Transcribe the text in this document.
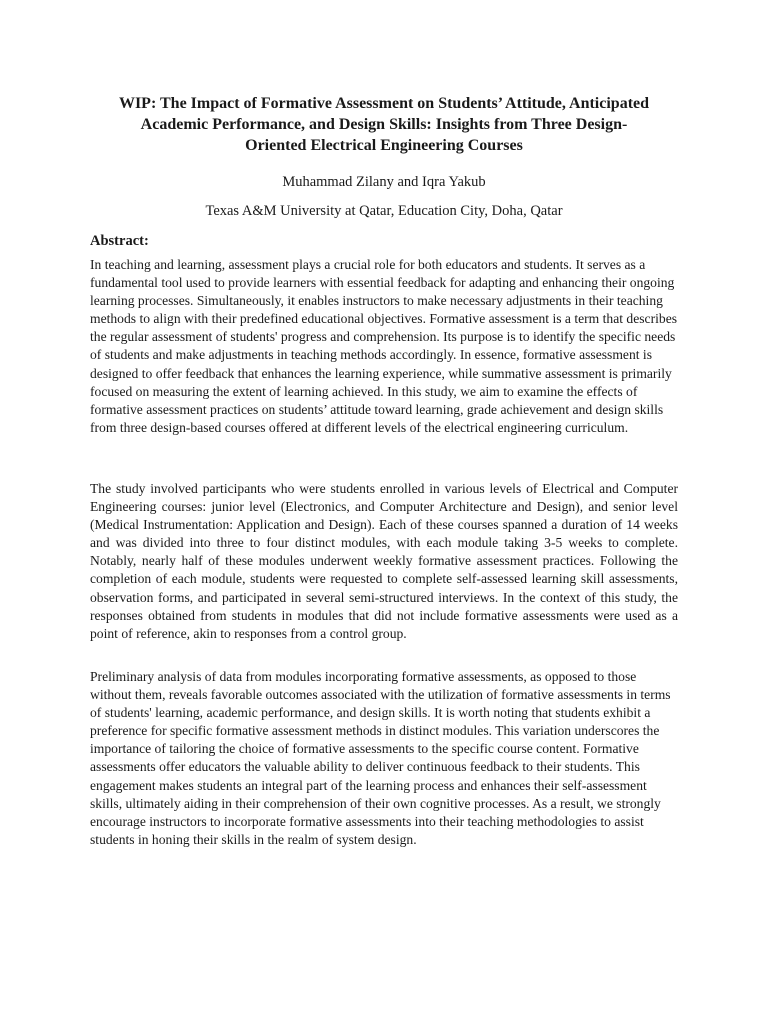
WIP: The Impact of Formative Assessment on Students’ Attitude, Anticipated
Academic Performance, and Design Skills: Insights from Three Design-
Oriented Electrical Engineering Courses

Muhammad Zilany and Iqra Yakub

Texas A&M University at Qatar, Education City, Doha, Qatar

Abstract:

In teaching and learning, assessment plays a crucial role for both educators and students. It serves as a fundamental tool used to provide learners with essential feedback for adapting and enhancing their ongoing learning processes. Simultaneously, it enables instructors to make necessary adjustments in their teaching methods to align with their predefined educational objectives. Formative assessment is a term that describes the regular assessment of students' progress and comprehension. Its purpose is to identify the specific needs of students and make adjustments in teaching methods accordingly. In essence, formative assessment is designed to offer feedback that enhances the learning experience, while summative assessment is primarily focused on measuring the extent of learning achieved. In this study, we aim to examine the effects of formative assessment practices on students’ attitude toward learning, grade achievement and design skills from three design-based courses offered at different levels of the electrical engineering curriculum.

The study involved participants who were students enrolled in various levels of Electrical and Computer Engineering courses: junior level (Electronics, and Computer Architecture and Design), and senior level (Medical Instrumentation: Application and Design). Each of these courses spanned a duration of 14 weeks and was divided into three to four distinct modules, with each module taking 3-5 weeks to complete. Notably, nearly half of these modules underwent weekly formative assessment practices. Following the completion of each module, students were requested to complete self-assessed learning skill assessments, observation forms, and participated in several semi-structured interviews. In the context of this study, the responses obtained from students in modules that did not include formative assessments were used as a point of reference, akin to responses from a control group.

Preliminary analysis of data from modules incorporating formative assessments, as opposed to those without them, reveals favorable outcomes associated with the utilization of formative assessments in terms of students' learning, academic performance, and design skills. It is worth noting that students exhibit a preference for specific formative assessment methods in distinct modules. This variation underscores the importance of tailoring the choice of formative assessments to the specific course content. Formative assessments offer educators the valuable ability to deliver continuous feedback to their students. This engagement makes students an integral part of the learning process and enhances their self-assessment skills, ultimately aiding in their comprehension of their own cognitive processes. As a result, we strongly encourage instructors to incorporate formative assessments into their teaching methodologies to assist students in honing their skills in the realm of system design.
